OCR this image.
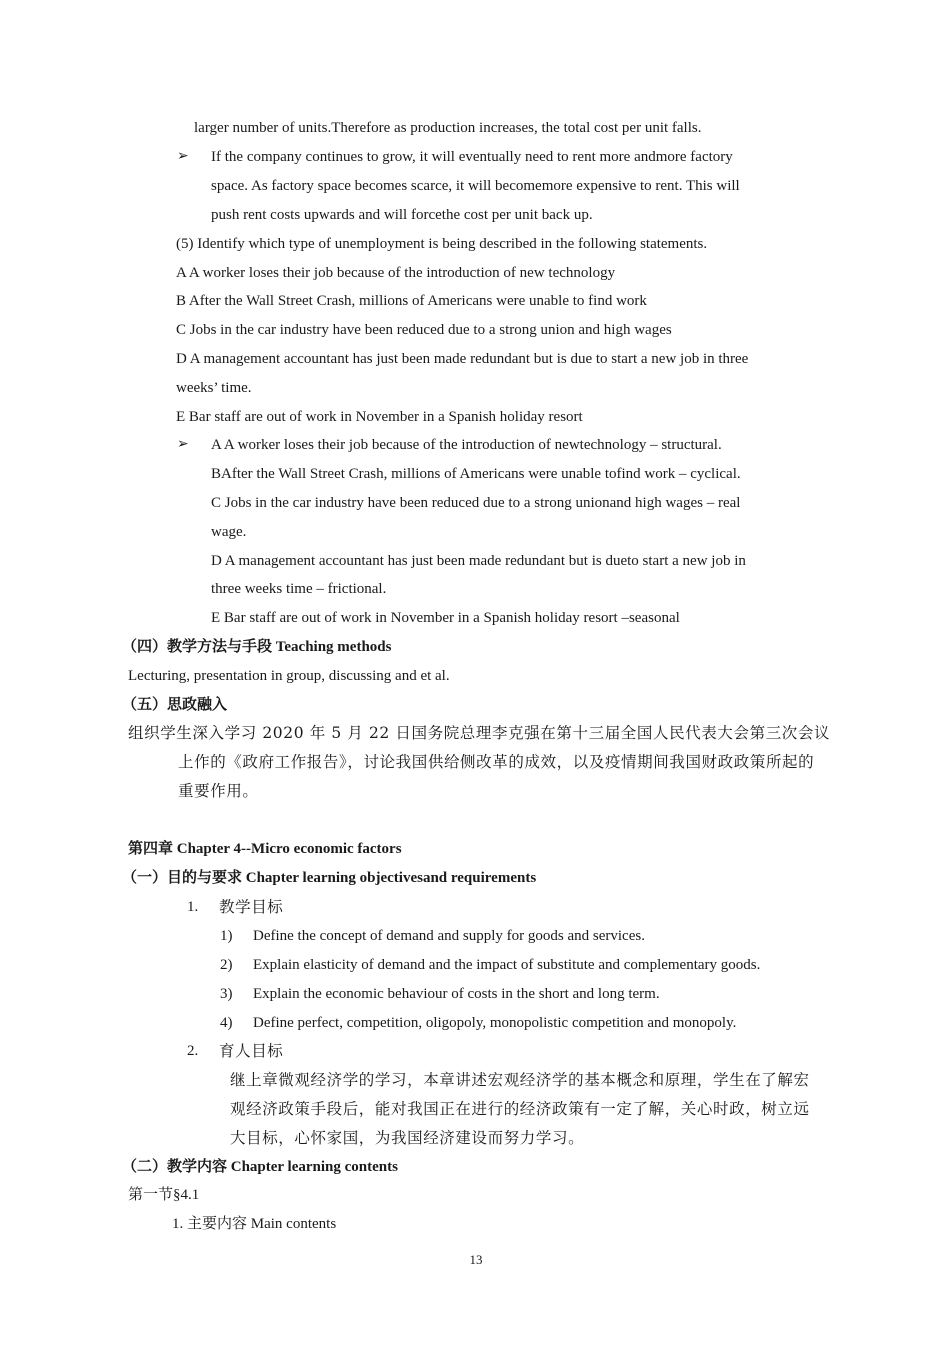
larger number of units.Therefore as production increases, the total cost per unit falls.
➢ If the company continues to grow, it will eventually need to rent more andmore factory
space. As factory space becomes scarce, it will becomemore expensive to rent. This will
push rent costs upwards and will forcethe cost per unit back up.
(5) Identify which type of unemployment is being described in the following statements.
A A worker loses their job because of the introduction of new technology
B After the Wall Street Crash, millions of Americans were unable to find work
C Jobs in the car industry have been reduced due to a strong union and high wages
D A management accountant has just been made redundant but is due to start a new job in three
weeks’ time.
E Bar staff are out of work in November in a Spanish holiday resort
➢ A A worker loses their job because of the introduction of newtechnology – structural.
BAfter the Wall Street Crash, millions of Americans were unable tofind work – cyclical.
C Jobs in the car industry have been reduced due to a strong unionand high wages – real
wage.
D A management accountant has just been made redundant but is dueto start a new job in
three weeks time – frictional.
E Bar staff are out of work in November in a Spanish holiday resort –seasonal
（四）教学方法与手段 Teaching methods
Lecturing, presentation in group, discussing and et al.
（五）思政融入
组织学生深入学习 2020 年 5 月 22 日国务院总理李克强在第十三届全国人民代表大会第三次会议
上作的《政府工作报告》，讨论我国供给侧改革的成效，以及疫情期间我国财政政策所起的
重要作用。
第四章 Chapter 4--Micro economic factors
（一）目的与要求 Chapter learning objectivesand requirements
1. 教学目标
1) Define the concept of demand and supply for goods and services.
2) Explain elasticity of demand and the impact of substitute and complementary goods.
3) Explain the economic behaviour of costs in the short and long term.
4) Define perfect, competition, oligopoly, monopolistic competition and monopoly.
2. 育人目标
继上章微观经济学的学习，本章讲述宏观经济学的基本概念和原理，学生在了解宏
观经济政策手段后，能对我国正在进行的经济政策有一定了解，关心时政，树立远
大目标，心怀家国，为我国经济建设而努力学习。
（二）教学内容 Chapter learning contents
第一节§4.1
1. 主要内容 Main contents
13
